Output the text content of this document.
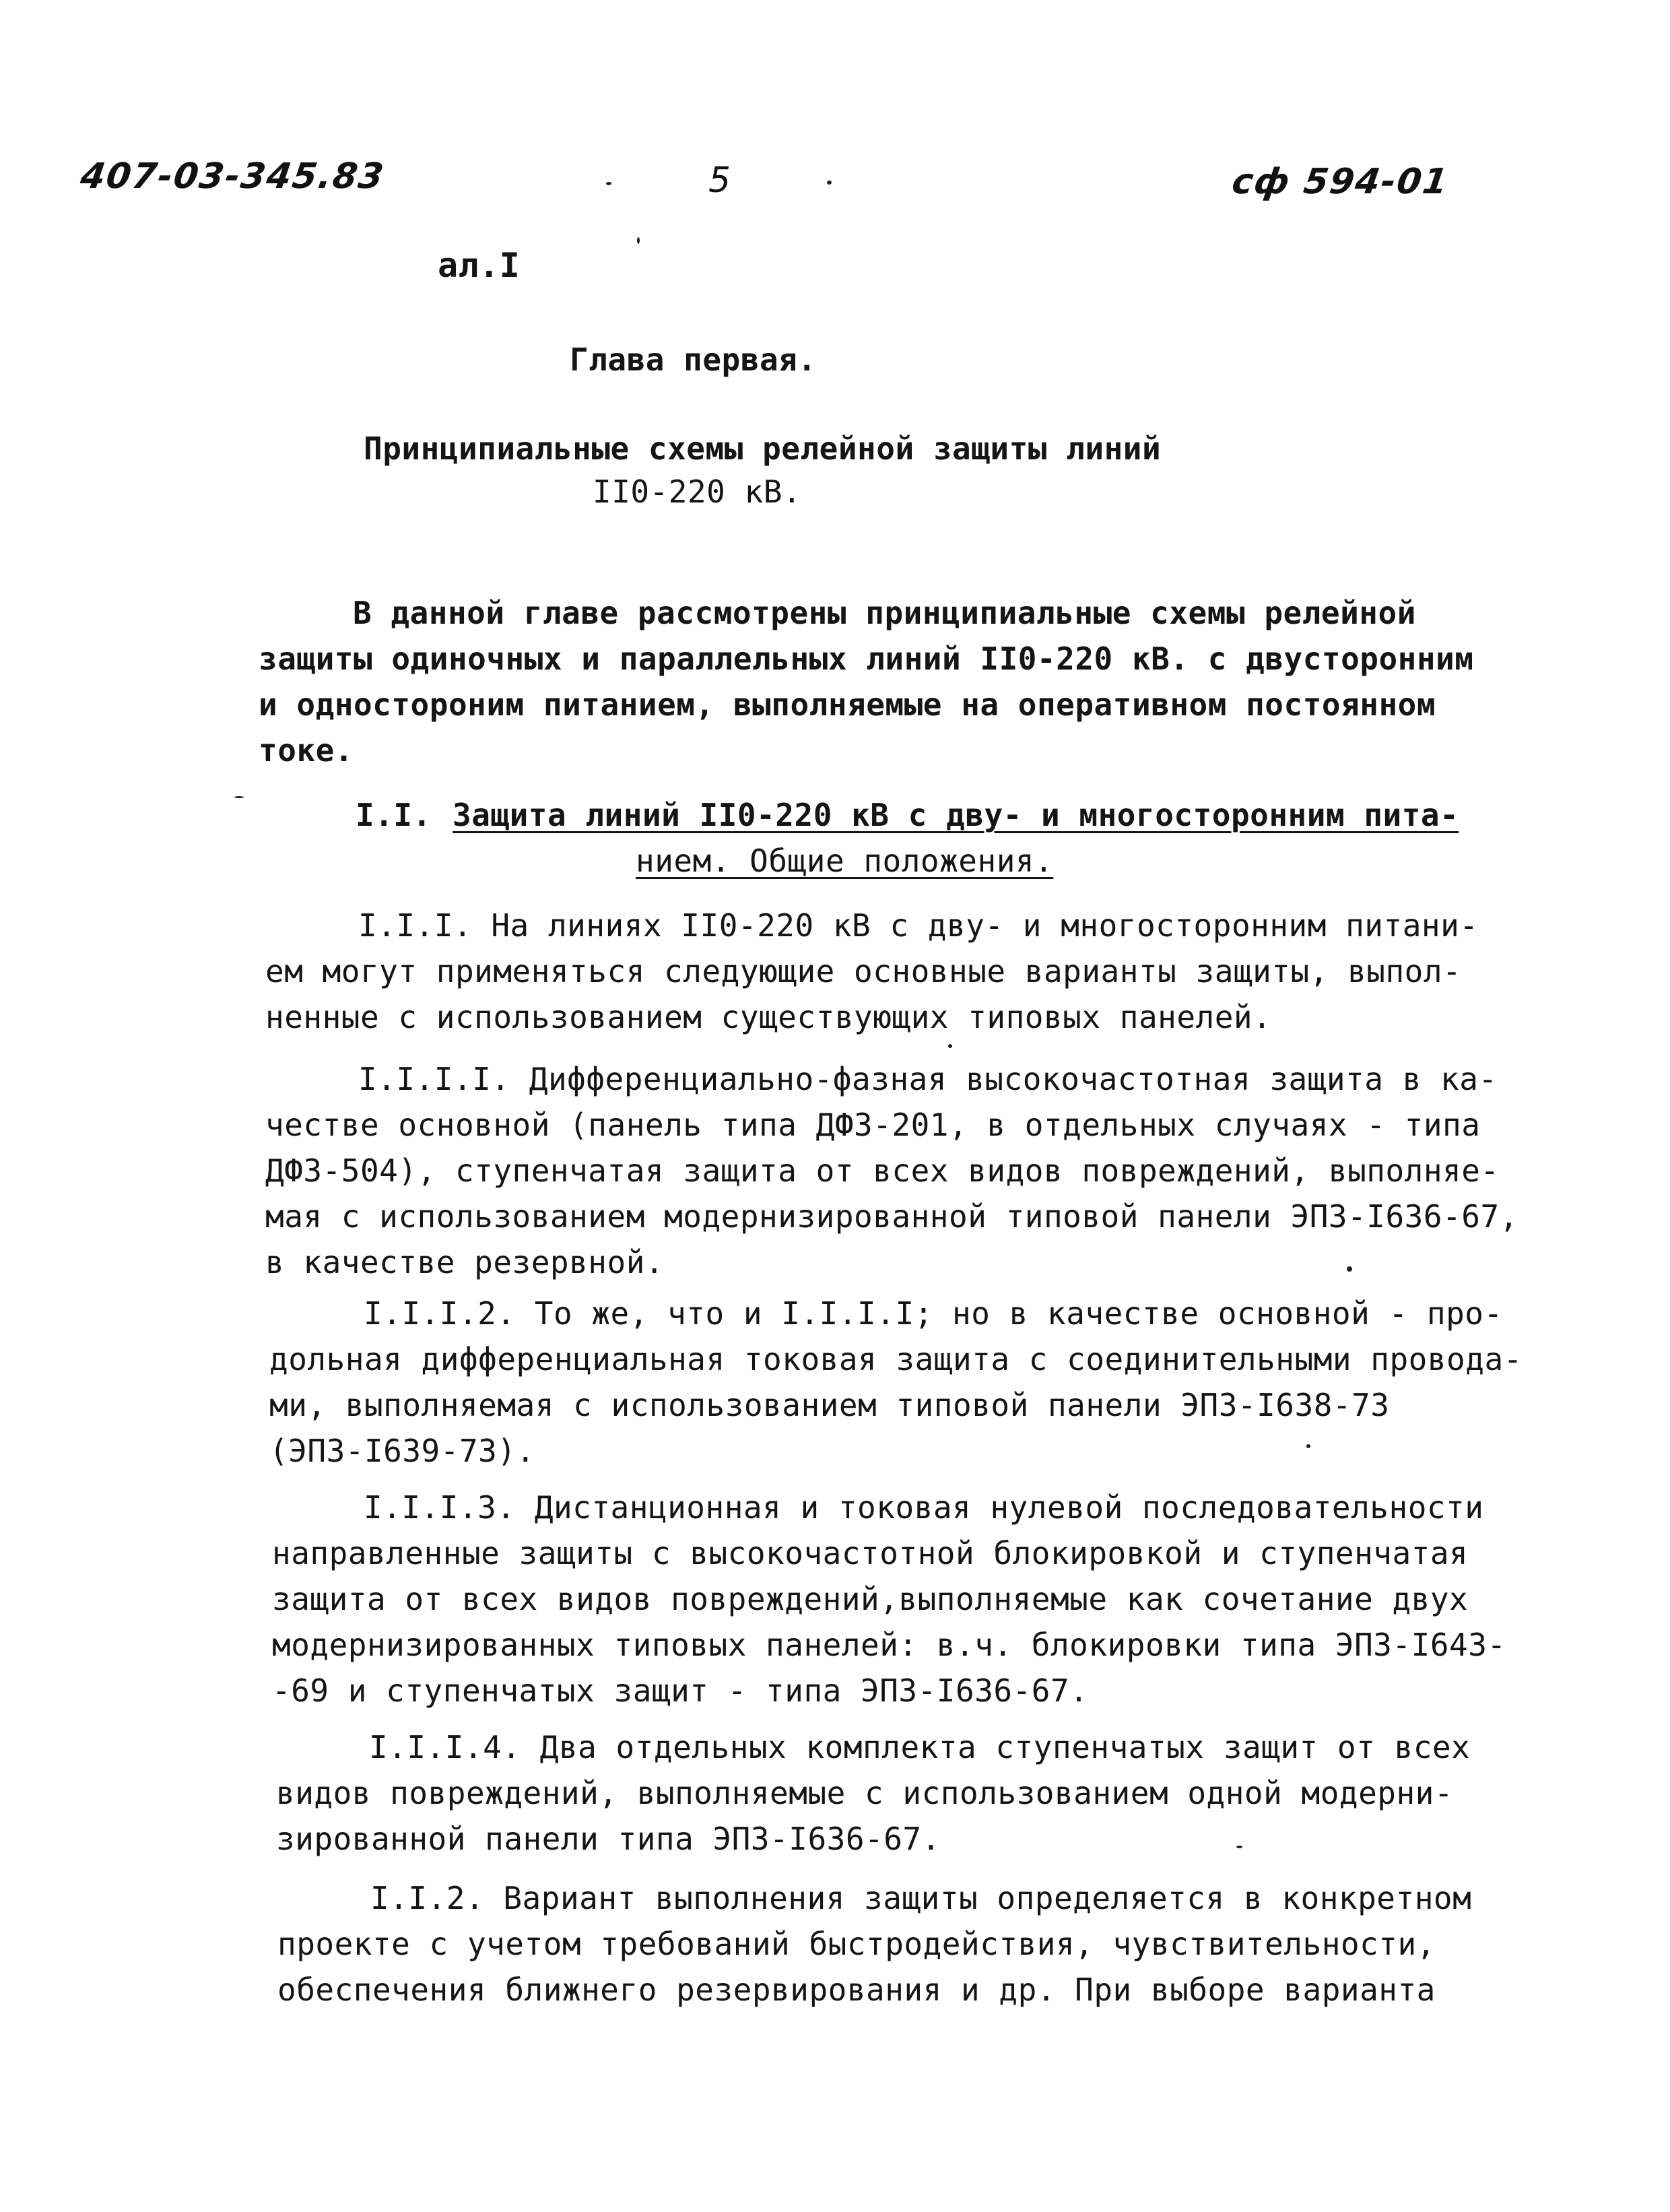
407-03-345.83	5	сф 594-01
ал.I
Глава первая.
Принципиальные схемы релейной защиты линий
II0-220 кВ.
В данной главе рассмотрены принципиальные схемы релейной
защиты одиночных и параллельных линий II0-220 кВ. с двусторонним
и одностороним питанием, выполняемые на оперативном постоянном
токе.
I.I. Защита линий II0-220 кВ с дву- и многосторонним пита-
нием. Общие положения.
I.I.I. На линиях II0-220 кВ с дву- и многосторонним питани-
ем могут применяться следующие основные варианты защиты, выпол-
ненные с использованием существующих типовых панелей.
I.I.I.I. Дифференциально-фазная высокочастотная защита в ка-
честве основной (панель типа ДФЗ-201, в отдельных случаях - типа
ДФЗ-504), ступенчатая защита от всех видов повреждений, выполняе-
мая с использованием модернизированной типовой панели ЭПЗ-I636-67,
в качестве резервной.
I.I.I.2. То же, что и I.I.I.I; но в качестве основной - про-
дольная дифференциальная токовая защита с соединительными провода-
ми, выполняемая с использованием типовой панели ЭПЗ-I638-73
(ЭПЗ-I639-73).
I.I.I.3. Дистанционная и токовая нулевой последовательности
направленные защиты с высокочастотной блокировкой и ступенчатая
защита от всех видов повреждений,выполняемые как сочетание двух
модернизированных типовых панелей: в.ч. блокировки типа ЭПЗ-I643-
-69 и ступенчатых защит - типа ЭПЗ-I636-67.
I.I.I.4. Два отдельных комплекта ступенчатых защит от всех
видов повреждений, выполняемые с использованием одной модерни-
зированной панели типа ЭПЗ-I636-67.
I.I.2. Вариант выполнения защиты определяется в конкретном
проекте с учетом требований быстродействия, чувствительности,
обеспечения ближнего резервирования и др. При выборе варианта
